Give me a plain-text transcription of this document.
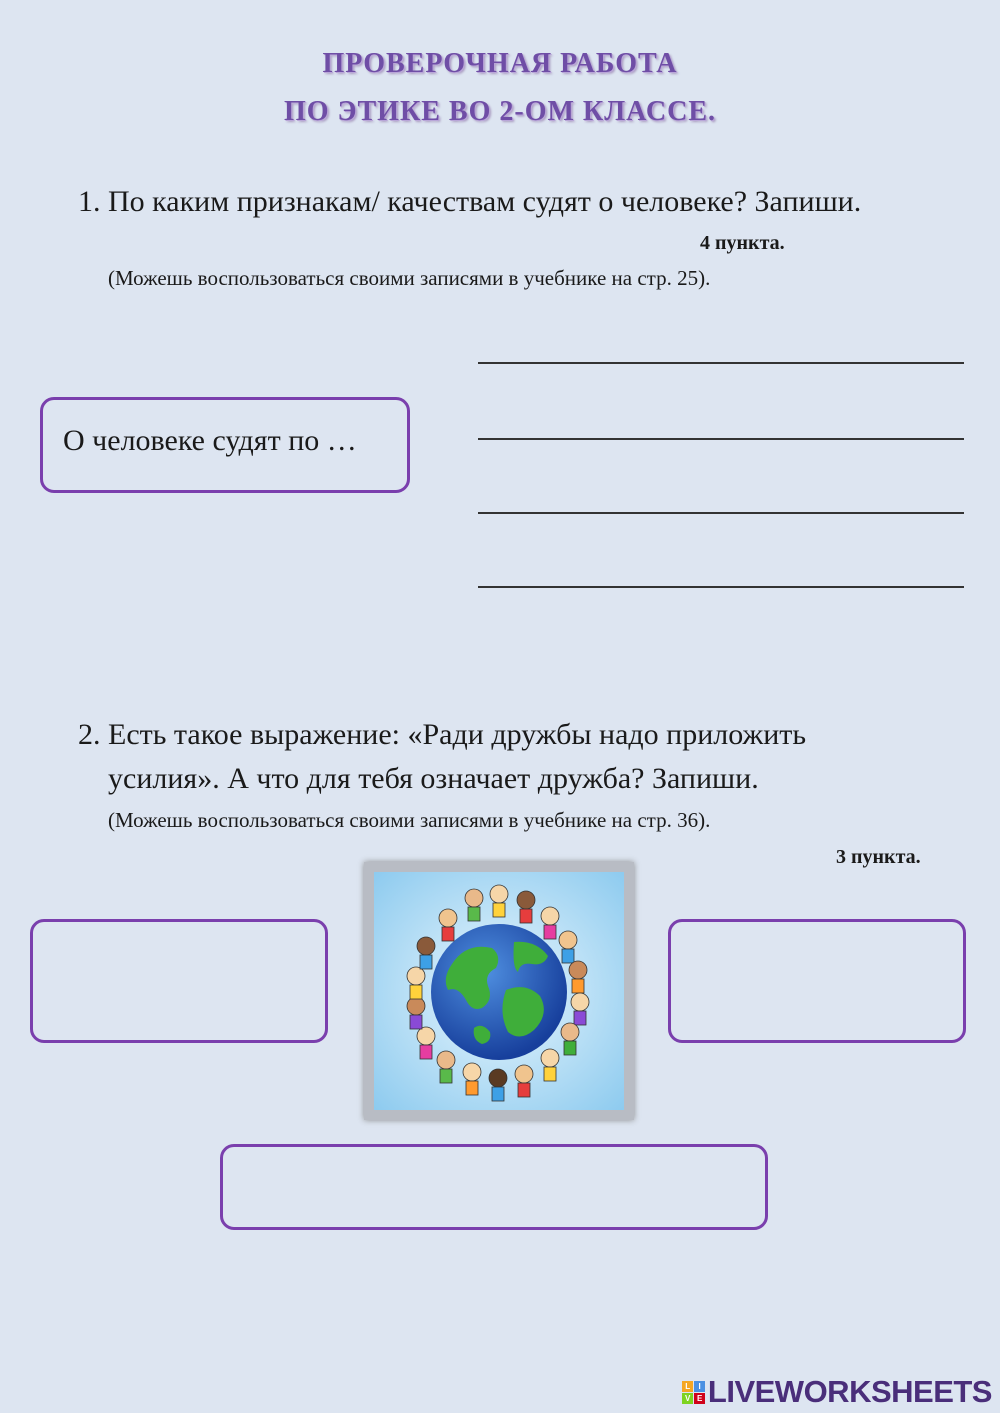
ПРОВЕРОЧНАЯ РАБОТА
ПО ЭТИКЕ ВО 2-ОМ КЛАССЕ.
1. По каким признакам/ качествам судят о человеке? Запиши.
4 пункта.
(Можешь воспользоваться своими записями в учебнике на стр. 25).
О человеке судят по …
2. Есть такое выражение: «Ради дружбы надо приложить
усилия». А что для тебя означает дружба? Запиши.
(Можешь воспользоваться своими записями в учебнике на стр. 36).
3 пункта.
L	I
V E LIVEWORKSHEETS
